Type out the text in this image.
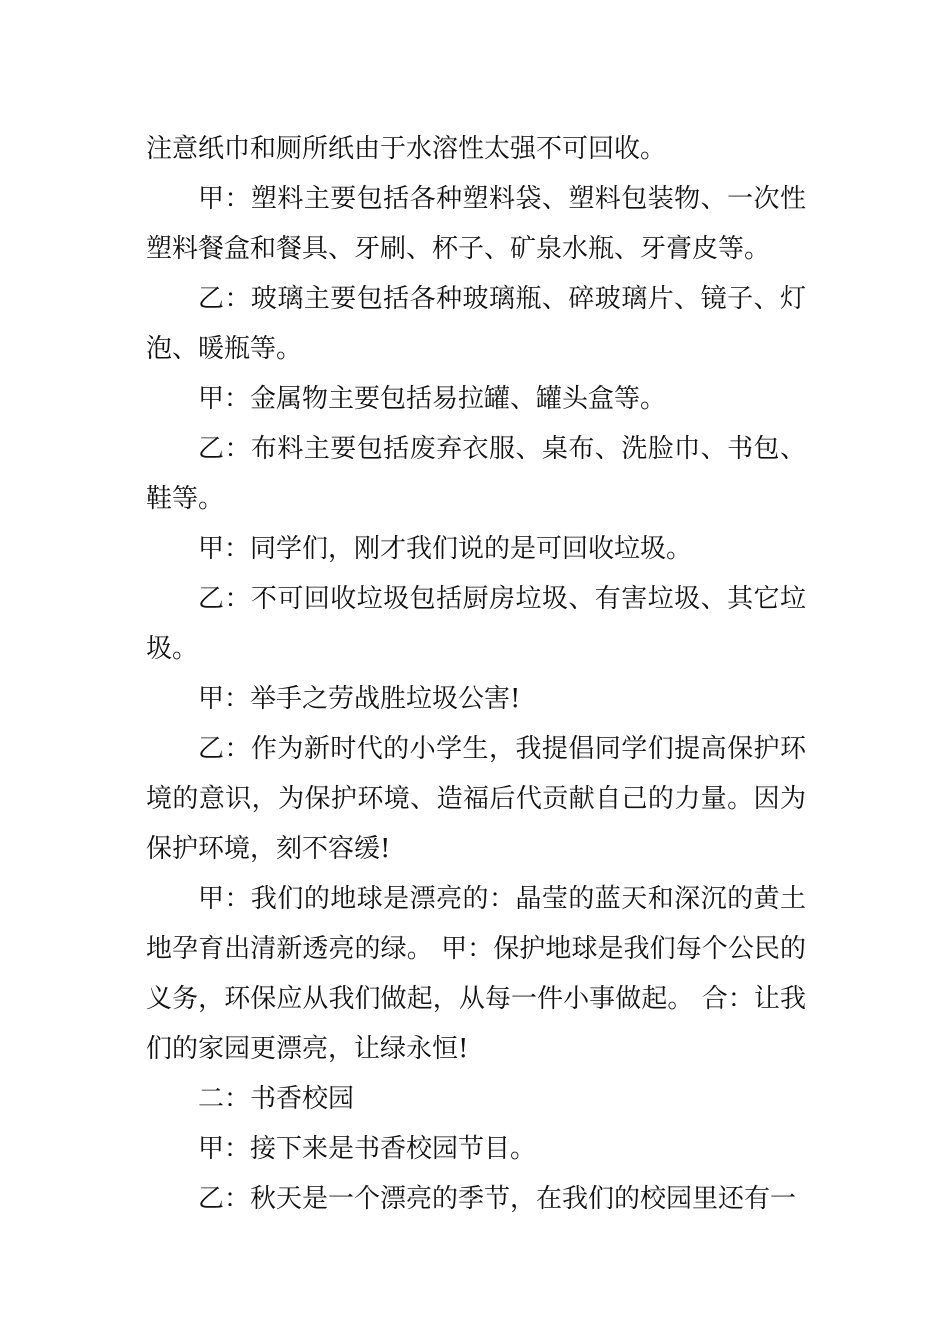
注意纸巾和厕所纸由于水溶性太强不可回收。

甲：塑料主要包括各种塑料袋、塑料包装物、一次性塑料餐盒和餐具、牙刷、杯子、矿泉水瓶、牙膏皮等。

乙：玻璃主要包括各种玻璃瓶、碎玻璃片、镜子、灯泡、暖瓶等。

甲：金属物主要包括易拉罐、罐头盒等。

乙：布料主要包括废弃衣服、桌布、洗脸巾、书包、鞋等。

甲：同学们，刚才我们说的是可回收垃圾。

乙：不可回收垃圾包括厨房垃圾、有害垃圾、其它垃圾。

甲：举手之劳战胜垃圾公害!

乙：作为新时代的小学生，我提倡同学们提高保护环境的意识，为保护环境、造福后代贡献自己的力量。因为保护环境，刻不容缓!

甲：我们的地球是漂亮的：晶莹的蓝天和深沉的黄土地孕育出清新透亮的绿。 甲：保护地球是我们每个公民的义务，环保应从我们做起，从每一件小事做起。 合：让我们的家园更漂亮，让绿永恒!

二：书香校园

甲：接下来是书香校园节目。

乙：秋天是一个漂亮的季节，在我们的校园里还有一
